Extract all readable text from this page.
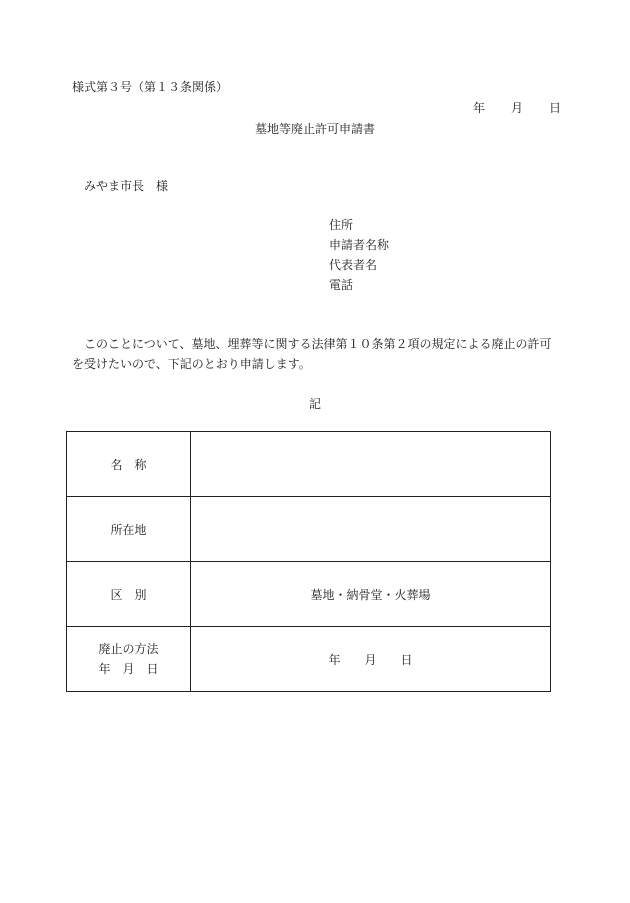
様式第３号（第１３条関係）
年 月 日
墓地等廃止許可申請書
みやま市長　様
住所
申請者名称
代表者名
電話
このことについて、墓地、埋葬等に関する法律第１０条第２項の規定による廃止の許可を受けたいので、下記のとおり申請します。
記
名　称	
所在地	
区　別	墓地・納骨堂・火葬場

廃止の方法
年　月　日	年　　月　　日
